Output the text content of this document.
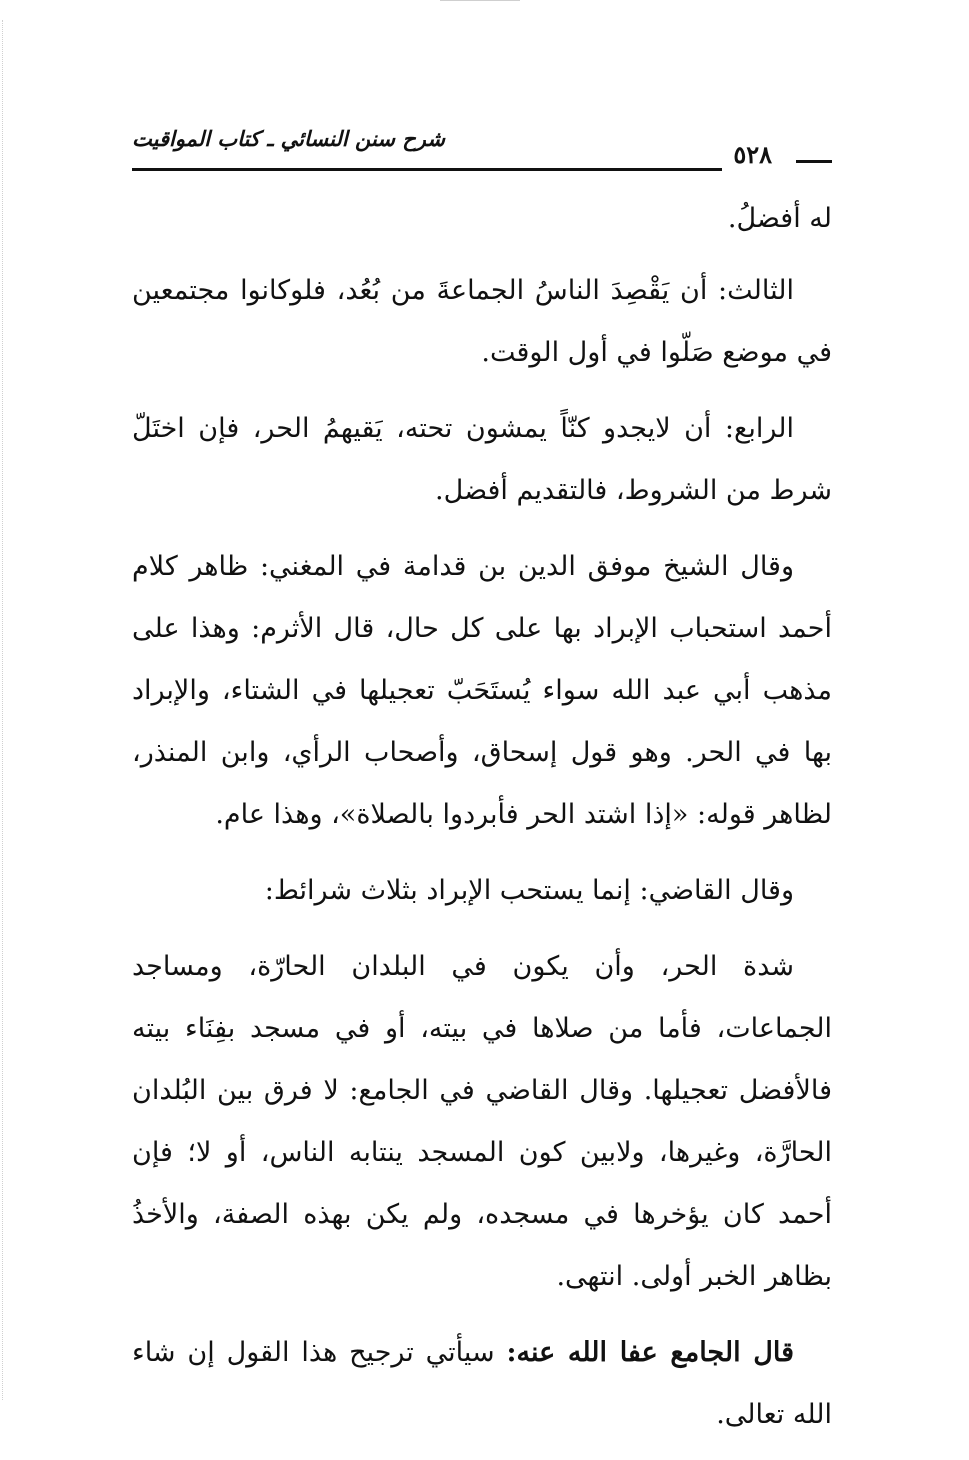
شرح سنن النسائي ـ كتاب المواقيت
٥٢٨

له أفضلُ.

الثالث: أن يَقْصِدَ الناسُ الجماعةَ من بُعُد، فلوكانوا مجتمعين في موضع صَلّوا في أول الوقت.

الرابع: أن لايجدو كنّاً يمشون تحته، يَقيهمُ الحر، فإن اختَلّ شرط من الشروط، فالتقديم أفضل.

وقال الشيخ موفق الدين بن قدامة في المغني: ظاهر كلام أحمد استحباب الإبراد بها على كل حال، قال الأثرم: وهذا على مذهب أبي عبد الله سواء يُستَحَبّ تعجيلها في الشتاء، والإبراد بها في الحر. وهو قول إسحاق، وأصحاب الرأي، وابن المنذر، لظاهر قوله: «إذا اشتد الحر فأبردوا بالصلاة»، وهذا عام.

وقال القاضي: إنما يستحب الإبراد بثلاث شرائط:

شدة الحر، وأن يكون في البلدان الحارّة، ومساجد الجماعات، فأما من صلاها في بيته، أو في مسجد بفِنَاء بيته فالأفضل تعجيلها. وقال القاضي في الجامع: لا فرق بين البُلدان الحارَّة، وغيرها، ولابين كون المسجد ينتابه الناس، أو لا؛ فإن أحمد كان يؤخرها في مسجده، ولم يكن بهذه الصفة، والأخذُ بظاهر الخبر أولى. انتهى.

قال الجامع عفا الله عنه: سيأتي ترجيح هذا القول إن شاء الله تعالى.
